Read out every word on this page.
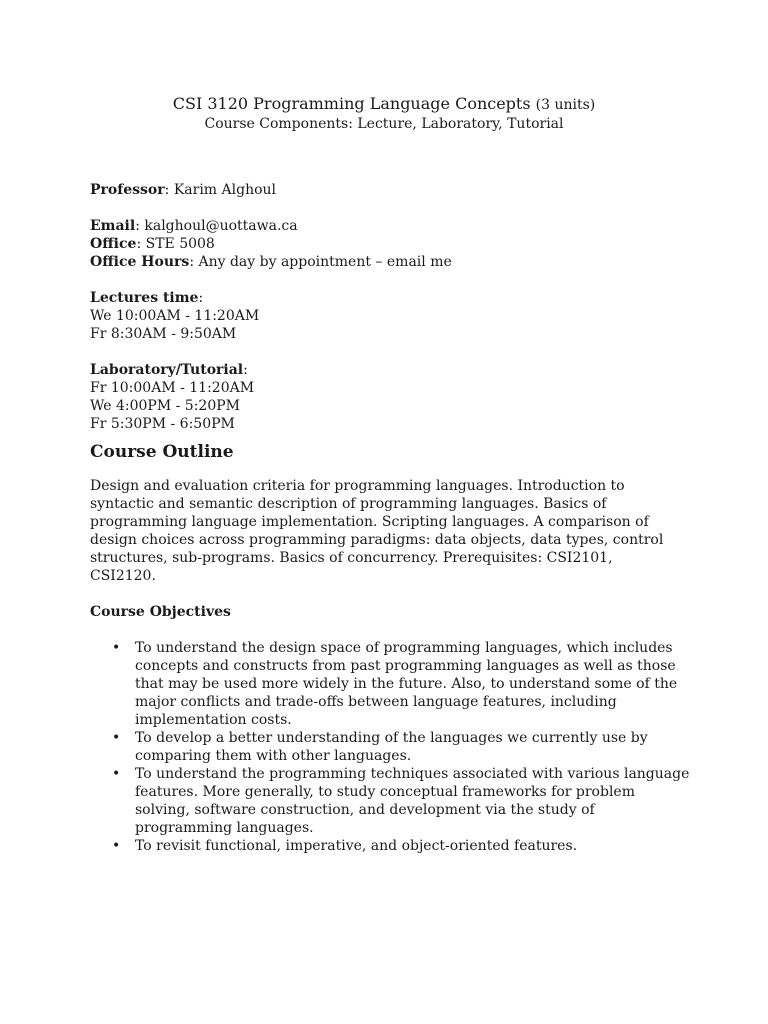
CSI 3120 Programming Language Concepts (3 units)
Course Components: Lecture, Laboratory, Tutorial
Professor: Karim Alghoul
Email: kalghoul@uottawa.ca
Office: STE 5008
Office Hours: Any day by appointment – email me
Lectures time:
We 10:00AM - 11:20AM
Fr 8:30AM - 9:50AM
Laboratory/Tutorial:
Fr 10:00AM - 11:20AM
We 4:00PM - 5:20PM
Fr 5:30PM - 6:50PM
Course Outline
Design and evaluation criteria for programming languages. Introduction to syntactic and semantic description of programming languages. Basics of programming language implementation. Scripting languages. A comparison of design choices across programming paradigms: data objects, data types, control structures, sub-programs. Basics of concurrency. Prerequisites: CSI2101, CSI2120.
Course Objectives
• To understand the design space of programming languages, which includes concepts and constructs from past programming languages as well as those that may be used more widely in the future. Also, to understand some of the major conflicts and trade-offs between language features, including implementation costs.
• To develop a better understanding of the languages we currently use by comparing them with other languages.
• To understand the programming techniques associated with various language features. More generally, to study conceptual frameworks for problem solving, software construction, and development via the study of programming languages.
• To revisit functional, imperative, and object-oriented features.
